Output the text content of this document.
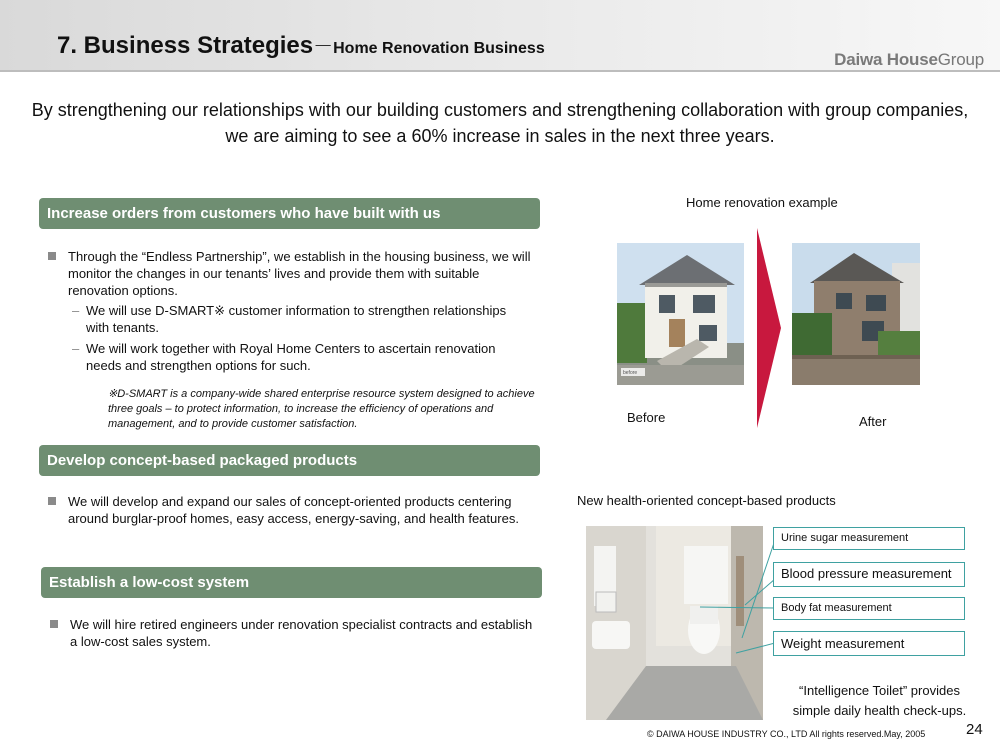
7. Business Strategies－Home Renovation Business
Daiwa HouseGroup
By strengthening our relationships with our building customers and strengthening collaboration with group companies, we are aiming to see a 60% increase in sales in the next three years.
Increase orders from customers who have built with us
Through the “Endless Partnership”, we establish in the housing business, we will monitor the changes in our tenants’ lives and provide them with suitable renovation options.
– We will use D-SMART※ customer information to strengthen relationships with tenants.
– We will work together with Royal Home Centers to ascertain renovation needs and strengthen options for such.
※D-SMART is a company-wide shared enterprise resource system designed to achieve three goals – to protect information, to increase the efficiency of operations and management, and to provide customer satisfaction.
Develop concept-based packaged products
We will develop and expand our sales of concept-oriented products centering around burglar-proof homes, easy access, energy-saving, and health features.
Establish a low-cost system
We will hire retired engineers under renovation specialist contracts and establish a low-cost sales system.
Home renovation example
before
Before	After
New health-oriented concept-based products
Urine sugar measurement
Blood pressure measurement
Body fat measurement
Weight measurement
“Intelligence Toilet” provides
simple daily health check-ups.
© DAIWA HOUSE INDUSTRY CO., LTD All rights reserved.May, 2005	24
